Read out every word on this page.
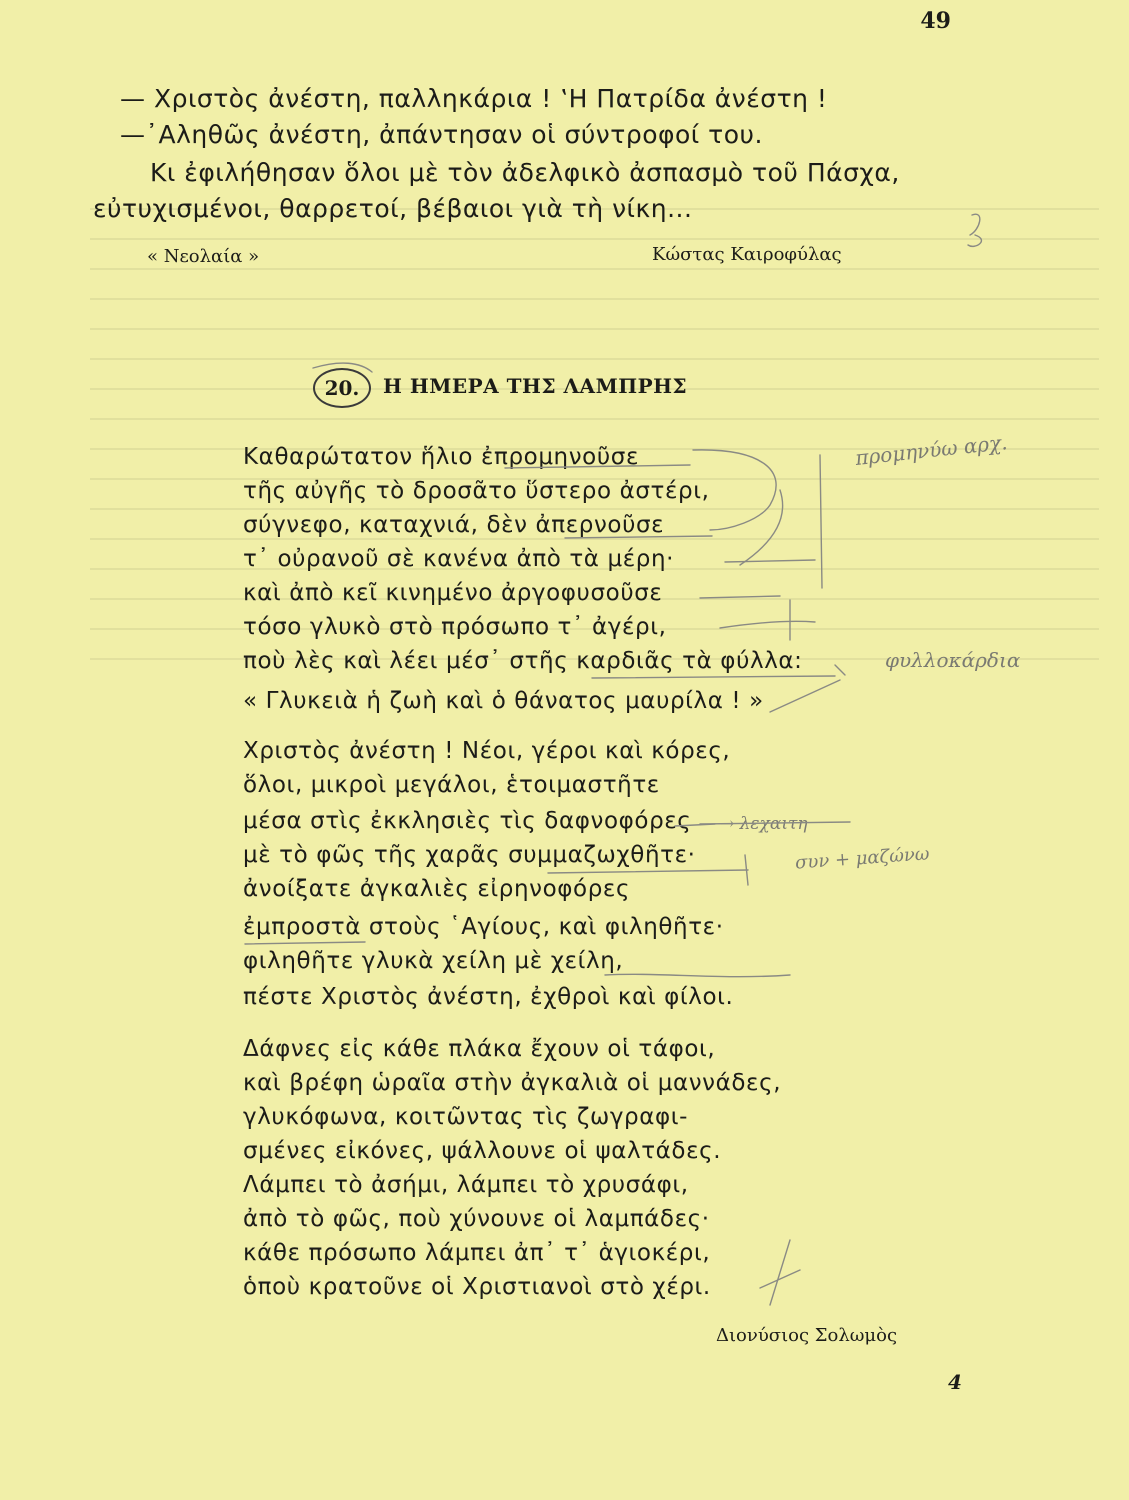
49
— Χριστὸς ἀνέστη, παλληκάρια ! ‛Η Πατρίδα ἀνέστη !
—᾿Αληθῶς ἀνέστη, ἀπάντησαν οἱ σύντροφοί του.
Κι ἐφιλήθησαν ὅλοι μὲ τὸν ἀδελφικὸ ἀσπασμὸ τοῦ Πάσχα,
εὐτυχισμένοι, θαρρετοί, βέβαιοι γιὰ τὴ νίκη...
« Νεολαία »	Κώστας Καιροφύλας
20.	Η ΗΜΕΡΑ ΤΗΣ ΛΑΜΠΡΗΣ
Καθαρώτατον ἥλιο ἐπρομηνοῦσε
τῆς αὐγῆς τὸ δροσᾶτο ὕστερο ἀστέρι,
σύγνεφο, καταχνιά, δὲν ἀπερνοῦσε
τ᾿ οὐρανοῦ σὲ κανένα ἀπὸ τὰ μέρη·
καὶ ἀπὸ κεῖ κινημένο ἀργοφυσοῦσε
τόσο γλυκὸ στὸ πρόσωπο τ᾿ ἀγέρι,
ποὺ λὲς καὶ λέει μέσ᾿ στῆς καρδιᾶς τὰ φύλλα:
« Γλυκειὰ ἡ ζωὴ καὶ ὁ θάνατος μαυρίλα ! »
Χριστὸς ἀνέστη ! Νέοι, γέροι καὶ κόρες,
ὅλοι, μικροὶ μεγάλοι, ἑτοιμαστῆτε
μέσα στὶς ἐκκλησιὲς τὶς δαφνοφόρες
μὲ τὸ φῶς τῆς χαρᾶς συμμαζωχθῆτε·
ἀνοίξατε ἀγκαλιὲς εἰρηνοφόρες
ἐμπροστὰ στοὺς ῾Αγίους, καὶ φιληθῆτε·
φιληθῆτε γλυκὰ χείλη μὲ χείλη,
πέστε Χριστὸς ἀνέστη, ἐχθροὶ καὶ φίλοι.
Δάφνες εἰς κάθε πλάκα ἔχουν οἱ τάφοι,
καὶ βρέφη ὡραῖα στὴν ἀγκαλιὰ οἱ μαννάδες,
γλυκόφωνα, κοιτῶντας τὶς ζωγραφι-
σμένες εἰκόνες, ψάλλουνε οἱ ψαλτάδες.
Λάμπει τὸ ἀσήμι, λάμπει τὸ χρυσάφι,
ἀπὸ τὸ φῶς, ποὺ χύνουνε οἱ λαμπάδες·
κάθε πρόσωπο λάμπει ἀπ᾿ τ᾿ ἁγιοκέρι,
ὁποὺ κρατοῦνε οἱ Χριστιανοὶ στὸ χέρι.
Διονύσιος Σολωμὸς
προμηνύω αρχ.
φυλλοκάρδια
→ λεχαιτη
συν + μαζώνω
4
